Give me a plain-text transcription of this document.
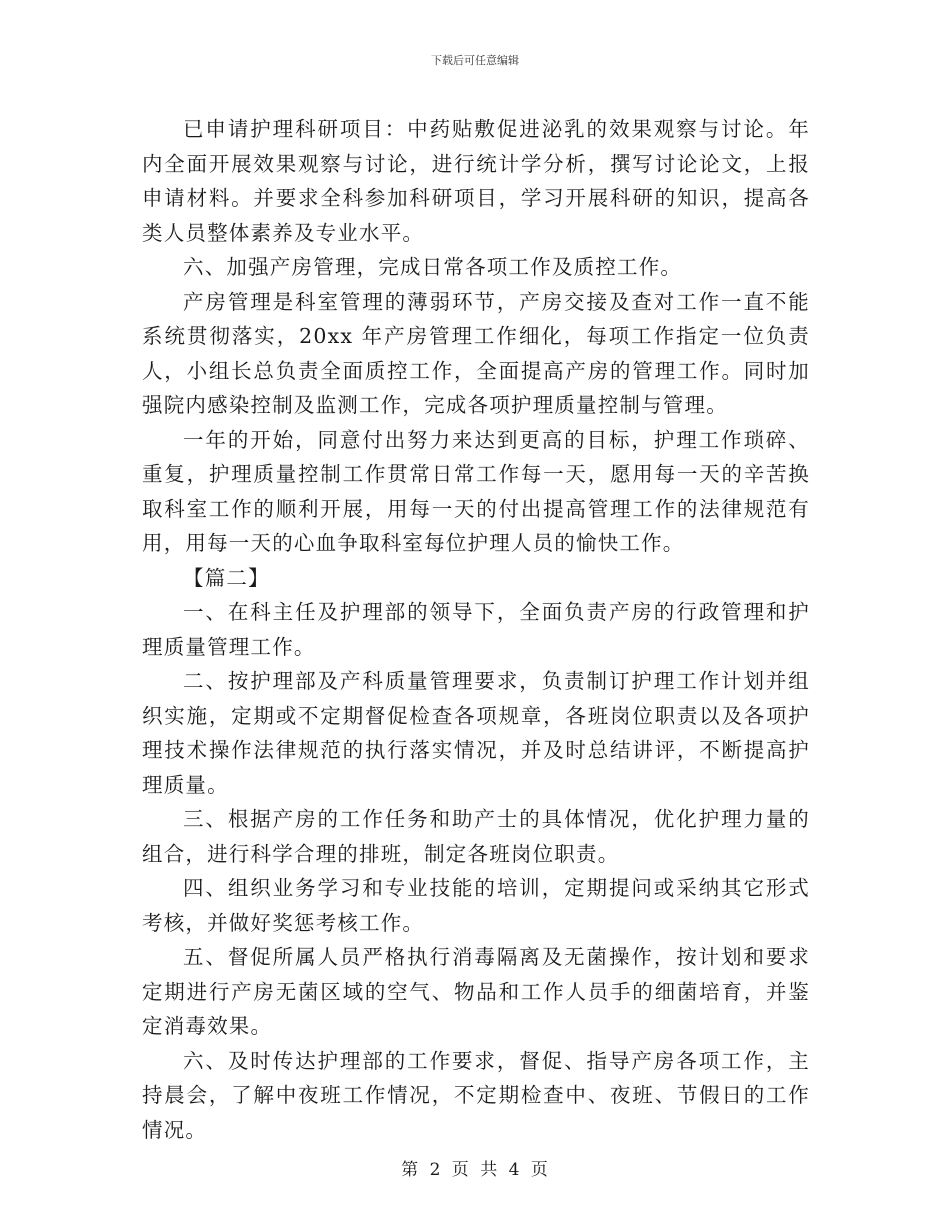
下载后可任意编辑

已申请护理科研项目：中药贴敷促进泌乳的效果观察与讨论。年内全面开展效果观察与讨论，进行统计学分析，撰写讨论论文，上报申请材料。并要求全科参加科研项目，学习开展科研的知识，提高各类人员整体素养及专业水平。

六、加强产房管理，完成日常各项工作及质控工作。

产房管理是科室管理的薄弱环节，产房交接及查对工作一直不能系统贯彻落实，20xx 年产房管理工作细化，每项工作指定一位负责人，小组长总负责全面质控工作，全面提高产房的管理工作。同时加强院内感染控制及监测工作，完成各项护理质量控制与管理。

一年的开始，同意付出努力来达到更高的目标，护理工作琐碎、重复，护理质量控制工作贯常日常工作每一天，愿用每一天的辛苦换取科室工作的顺利开展，用每一天的付出提高管理工作的法律规范有用，用每一天的心血争取科室每位护理人员的愉快工作。

【篇二】

一、在科主任及护理部的领导下，全面负责产房的行政管理和护理质量管理工作。

二、按护理部及产科质量管理要求，负责制订护理工作计划并组织实施，定期或不定期督促检查各项规章，各班岗位职责以及各项护理技术操作法律规范的执行落实情况，并及时总结讲评，不断提高护理质量。

三、根据产房的工作任务和助产士的具体情况，优化护理力量的组合，进行科学合理的排班，制定各班岗位职责。

四、组织业务学习和专业技能的培训，定期提问或采纳其它形式考核，并做好奖惩考核工作。

五、督促所属人员严格执行消毒隔离及无菌操作，按计划和要求定期进行产房无菌区域的空气、物品和工作人员手的细菌培育，并鉴定消毒效果。

六、及时传达护理部的工作要求，督促、指导产房各项工作，主持晨会，了解中夜班工作情况，不定期检查中、夜班、节假日的工作情况。

第 2 页 共 4 页
